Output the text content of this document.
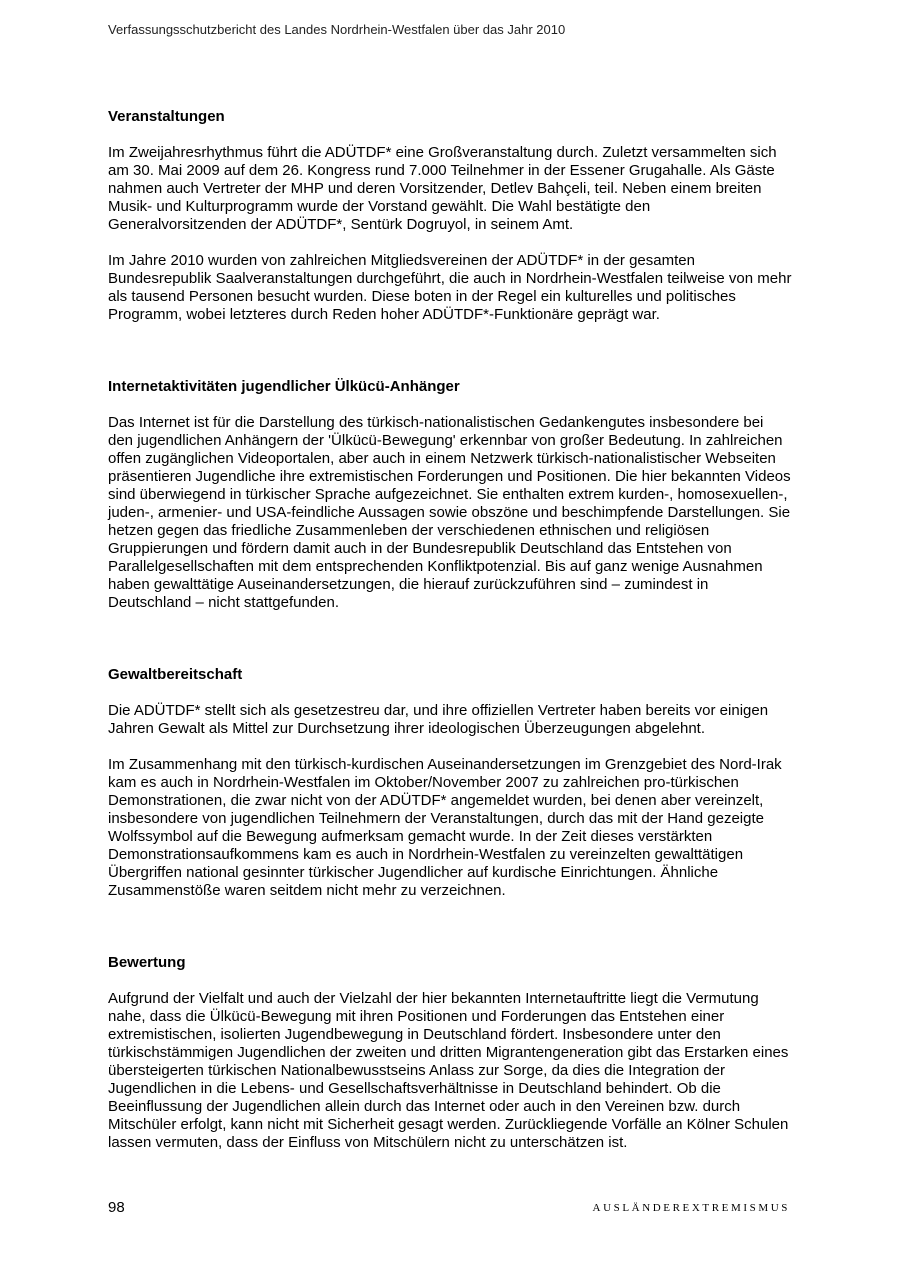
Verfassungsschutzbericht des Landes Nordrhein-Westfalen über das Jahr 2010
Veranstaltungen

Im Zweijahresrhythmus führt die ADÜTDF* eine Großveranstaltung durch. Zuletzt versammelten sich am 30. Mai 2009 auf dem 26. Kongress rund 7.000 Teilnehmer in der Essener Grugahalle. Als Gäste nahmen auch Vertreter der MHP und deren Vorsitzender, Detlev Bahçeli, teil. Neben einem breiten Musik- und Kulturprogramm wurde der Vorstand gewählt. Die Wahl bestätigte den Generalvorsitzenden der ADÜTDF*, Sentürk Dogruyol, in seinem Amt.

Im Jahre 2010 wurden von zahlreichen Mitgliedsvereinen der ADÜTDF* in der gesamten Bundesrepublik Saalveranstaltungen durchgeführt, die auch in Nordrhein-Westfalen teilweise von mehr als tausend Personen besucht wurden. Diese boten in der Regel ein kulturelles und politisches Programm, wobei letzteres durch Reden hoher ADÜTDF*-Funktionäre geprägt war.

Internetaktivitäten jugendlicher Ülkücü-Anhänger

Das Internet ist für die Darstellung des türkisch-nationalistischen Gedankengutes insbesondere bei den jugendlichen Anhängern der 'Ülkücü-Bewegung' erkennbar von großer Bedeutung. In zahlreichen offen zugänglichen Videoportalen, aber auch in einem Netzwerk türkisch-nationalistischer Webseiten präsentieren Jugendliche ihre extremistischen Forderungen und Positionen. Die hier bekannten Videos sind überwiegend in türkischer Sprache aufgezeichnet. Sie enthalten extrem kurden-, homosexuellen-, juden-, armenier- und USA-feindliche Aussagen sowie obszöne und beschimpfende Darstellungen. Sie hetzen gegen das friedliche Zusammenleben der verschiedenen ethnischen und religiösen Gruppierungen und fördern damit auch in der Bundesrepublik Deutschland das Entstehen von Parallelgesellschaften mit dem entsprechenden Konfliktpotenzial. Bis auf ganz wenige Ausnahmen haben gewalttätige Auseinandersetzungen, die hierauf zurückzuführen sind – zumindest in Deutschland – nicht stattgefunden.

Gewaltbereitschaft

Die ADÜTDF* stellt sich als gesetzestreu dar, und ihre offiziellen Vertreter haben bereits vor einigen Jahren Gewalt als Mittel zur Durchsetzung ihrer ideologischen Überzeugungen abgelehnt.

Im Zusammenhang mit den türkisch-kurdischen Auseinandersetzungen im Grenzgebiet des Nord-Irak kam es auch in Nordrhein-Westfalen im Oktober/November 2007 zu zahlreichen pro-türkischen Demonstrationen, die zwar nicht von der ADÜTDF* angemeldet wurden, bei denen aber vereinzelt, insbesondere von jugendlichen Teilnehmern der Veranstaltungen, durch das mit der Hand gezeigte Wolfssymbol auf die Bewegung aufmerksam gemacht wurde. In der Zeit dieses verstärkten Demonstrationsaufkommens kam es auch in Nordrhein-Westfalen zu vereinzelten gewalttätigen Übergriffen national gesinnter türkischer Jugendlicher auf kurdische Einrichtungen. Ähnliche Zusammenstöße waren seitdem nicht mehr zu verzeichnen.

Bewertung

Aufgrund der Vielfalt und auch der Vielzahl der hier bekannten Internetauftritte liegt die Vermutung nahe, dass die Ülkücü-Bewegung mit ihren Positionen und Forderungen das Entstehen einer extremistischen, isolierten Jugendbewegung in Deutschland fördert. Insbesondere unter den türkischstämmigen Jugendlichen der zweiten und dritten Migrantengeneration gibt das Erstarken eines übersteigerten türkischen Nationalbewusstseins Anlass zur Sorge, da dies die Integration der Jugendlichen in die Lebens- und Gesellschaftsverhältnisse in Deutschland behindert. Ob die Beeinflussung der Jugendlichen allein durch das Internet oder auch in den Vereinen bzw. durch Mitschüler erfolgt, kann nicht mit Sicherheit gesagt werden. Zurückliegende Vorfälle an Kölner Schulen lassen vermuten, dass der Einfluss von Mitschülern nicht zu unterschätzen ist.

98	AUSLÄNDEREXTREMISMUS
